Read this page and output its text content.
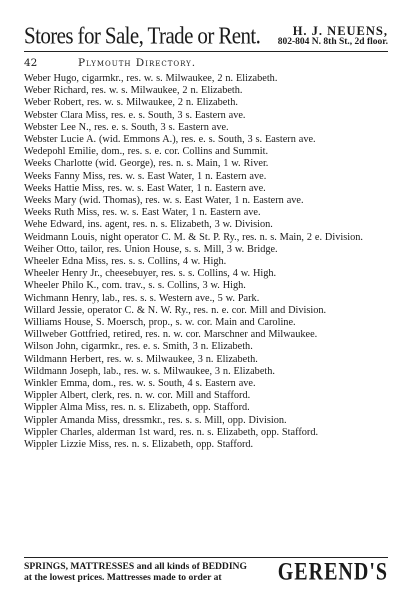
Stores for Sale, Trade or Rent.	H. J. NEUENS,
802-804 N. 8th St., 2d floor.
42	Plymouth Directory.

Weber Hugo, cigarmkr., res. w. s. Milwaukee, 2 n. Elizabeth.

Weber Richard, res. w. s. Milwaukee, 2 n. Elizabeth.

Weber Robert, res. w. s. Milwaukee, 2 n. Elizabeth.

Webster Clara Miss, res. e. s. South, 3 s. Eastern ave.

Webster Lee N., res. e. s. South, 3 s. Eastern ave.

Webster Lucie A. (wid. Emmons A.), res. e. s. South, 3 s. Eastern ave.

Wedepohl Emilie, dom., res. s. e. cor. Collins and Summit.

Weeks Charlotte (wid. George), res. n. s. Main, 1 w. River.

Weeks Fanny Miss, res. w. s. East Water, 1 n. Eastern ave.

Weeks Hattie Miss, res. w. s. East Water, 1 n. Eastern ave.

Weeks Mary (wid. Thomas), res. w. s. East Water, 1 n. Eastern ave.

Weeks Ruth Miss, res. w. s. East Water, 1 n. Eastern ave.

Wehe Edward, ins. agent, res. n. s. Elizabeth, 3 w. Division.

Weidmann Louis, night operator C. M. & St. P. Ry., res. n. s. Main, 2 e. Division.

Weiher Otto, tailor, res. Union House, s. s. Mill, 3 w. Bridge.

Wheeler Edna Miss, res. s. s. Collins, 4 w. High.

Wheeler Henry Jr., cheesebuyer, res. s. s. Collins, 4 w. High.

Wheeler Philo K., com. trav., s. s. Collins, 3 w. High.

Wichmann Henry, lab., res. s. s. Western ave., 5 w. Park.

Willard Jessie, operator C. & N. W. Ry., res. n. e. cor. Mill and Division.

Williams House, S. Moersch, prop., s. w. cor. Main and Caroline.

Willweber Gottfried, retired, res. n. w. cor. Marschner and Milwaukee.

Wilson John, cigarmkr., res. e. s. Smith, 3 n. Elizabeth.

Wildmann Herbert, res. w. s. Milwaukee, 3 n. Elizabeth.

Wildmann Joseph, lab., res. w. s. Milwaukee, 3 n. Elizabeth.

Winkler Emma, dom., res. w. s. South, 4 s. Eastern ave.

Wippler Albert, clerk, res. n. w. cor. Mill and Stafford.

Wippler Alma Miss, res. n. s. Elizabeth, opp. Stafford.

Wippler Amanda Miss, dressmkr., res. s. s. Mill, opp. Division.

Wippler Charles, alderman 1st ward, res. n. s. Elizabeth, opp. Stafford.

Wippler Lizzie Miss, res. n. s. Elizabeth, opp. Stafford.

SPRINGS, MATTRESSES and all kinds of BEDDING
at the lowest prices. Mattresses made to order at	GEREND'S
